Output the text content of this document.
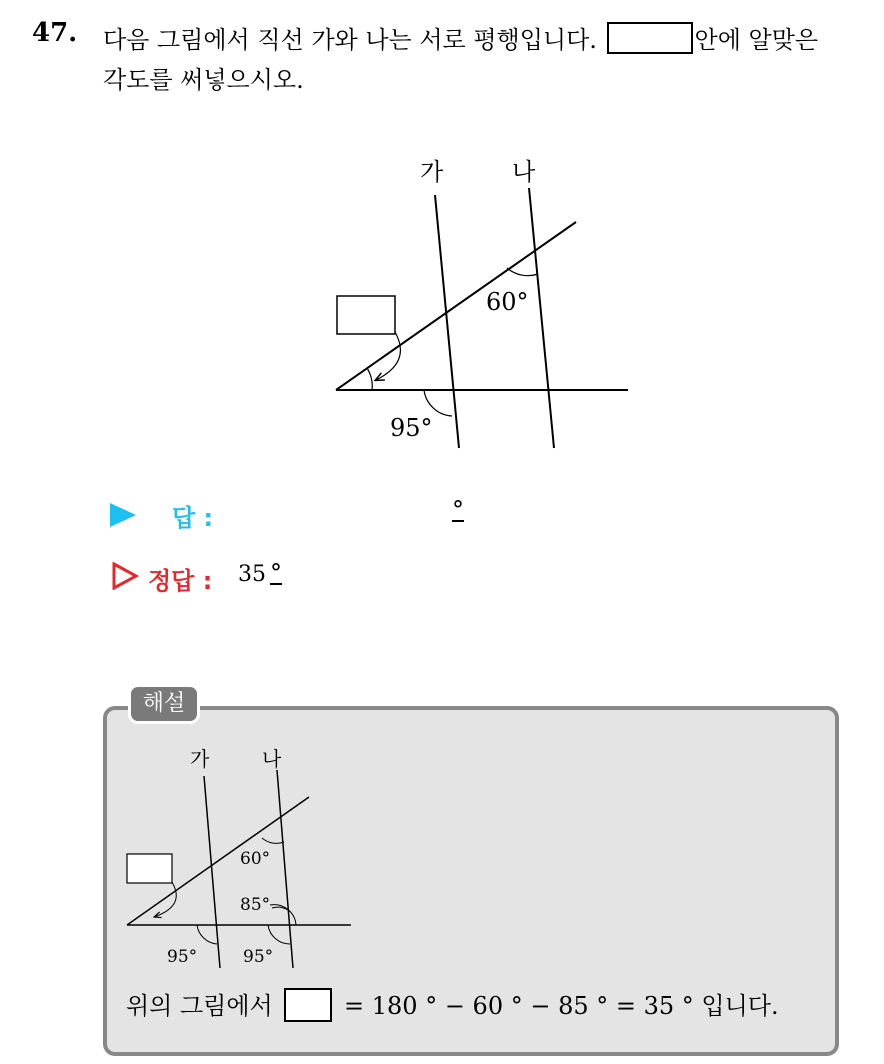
47. 다음 그림에서 직선 가와 나는 서로 평행입니다.	안에 알맞은
각도를 써넣으시오.
가	나
60°
95°
답 :	°
정답 : 35 °
해설
가	나
60°
85°
95°	95°
위의 그림에서	= 180 ° − 60 ° − 85 ° = 35 ° 입니다.
